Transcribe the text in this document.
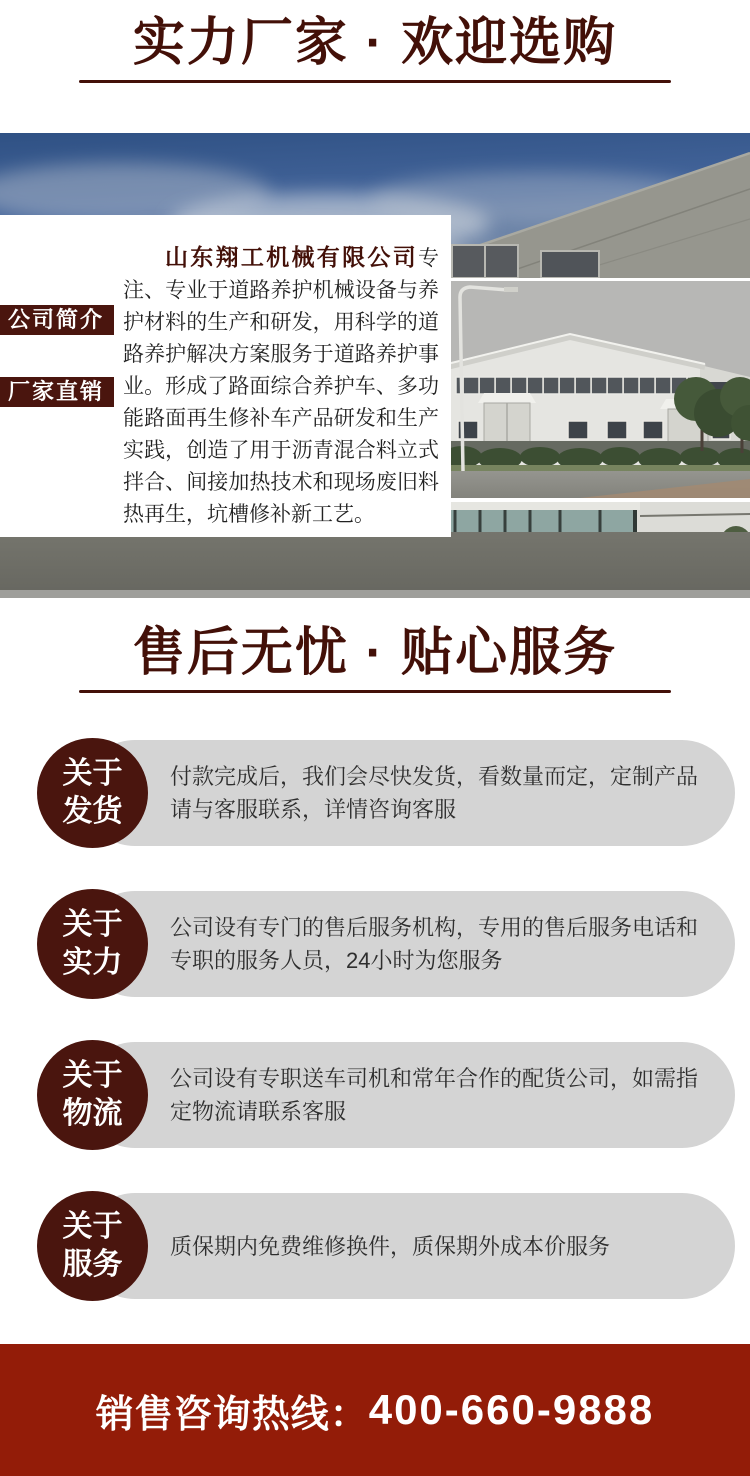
实力厂家 · 欢迎选购

山东翔工机械有限公司专注、专业于道路养护机械设备与养护材料的生产和研发，用科学的道路养护解决方案服务于道路养护事业。形成了路面综合养护车、多功能路面再生修补车产品研发和生产实践，创造了用于沥青混合料立式拌合、间接加热技术和现场废旧料热再生，坑槽修补新工艺。

公司简介
厂家直销
售后无忧 · 贴心服务
付款完成后，我们会尽快发货，看数量而定，定制产品请与客服联系，详情咨询客服
关于
发货
公司设有专门的售后服务机构，专用的售后服务电话和专职的服务人员，24小时为您服务
关于
实力
公司设有专职送车司机和常年合作的配货公司，如需指定物流请联系客服
关于
物流
质保期内免费维修换件，质保期外成本价服务
关于
服务
销售咨询热线： 400-660-9888
